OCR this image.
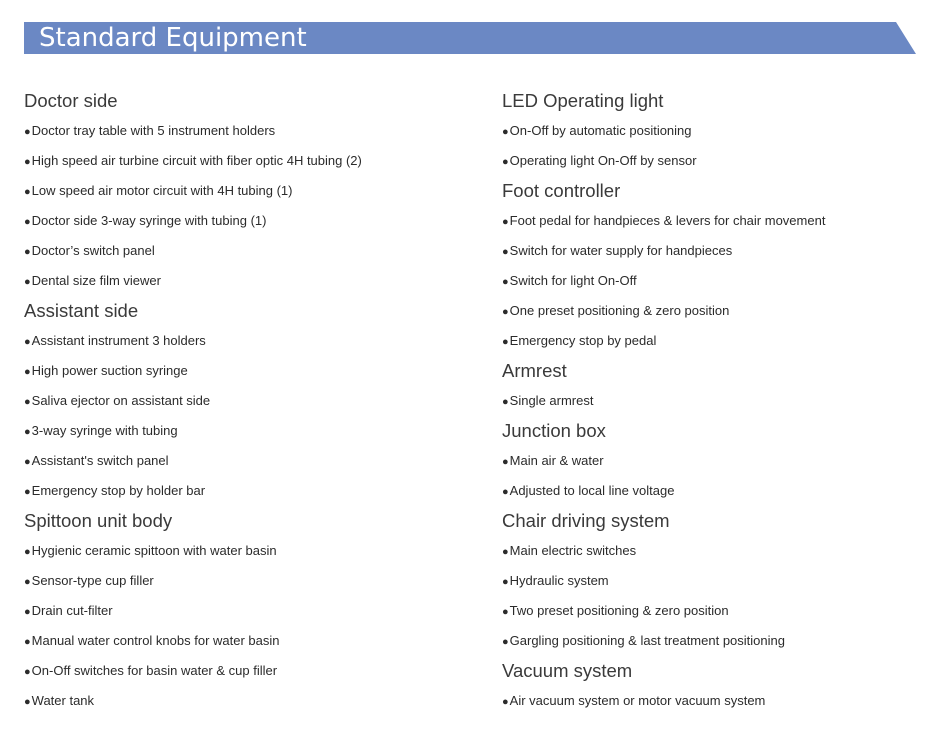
Standard Equipment
Doctor side
●Doctor tray table with 5 instrument holders
●High speed air turbine circuit with fiber optic 4H tubing (2)
●Low speed air motor circuit with 4H tubing (1)
●Doctor side 3-way syringe with tubing (1)
●Doctor’s switch panel
●Dental size film viewer
Assistant side
●Assistant instrument 3 holders
●High power suction syringe
●Saliva ejector on assistant side
●3-way syringe with tubing
●Assistant's switch panel
●Emergency stop by holder bar
Spittoon unit body
●Hygienic ceramic spittoon with water basin
●Sensor-type cup filler
●Drain cut-filter
●Manual water control knobs for water basin
●On-Off switches for basin water & cup filler
●Water tank
LED Operating light
●On-Off by automatic positioning
●Operating light On-Off by sensor
Foot controller
●Foot pedal for handpieces & levers for chair movement
●Switch for water supply for handpieces
●Switch for light On-Off
●One preset positioning & zero position
●Emergency stop by pedal
Armrest
●Single armrest
Junction box
●Main air & water
●Adjusted to local line voltage
Chair driving system
●Main electric switches
●Hydraulic system
●Two preset positioning & zero position
●Gargling positioning & last treatment positioning
Vacuum system
●Air vacuum system or motor vacuum system
